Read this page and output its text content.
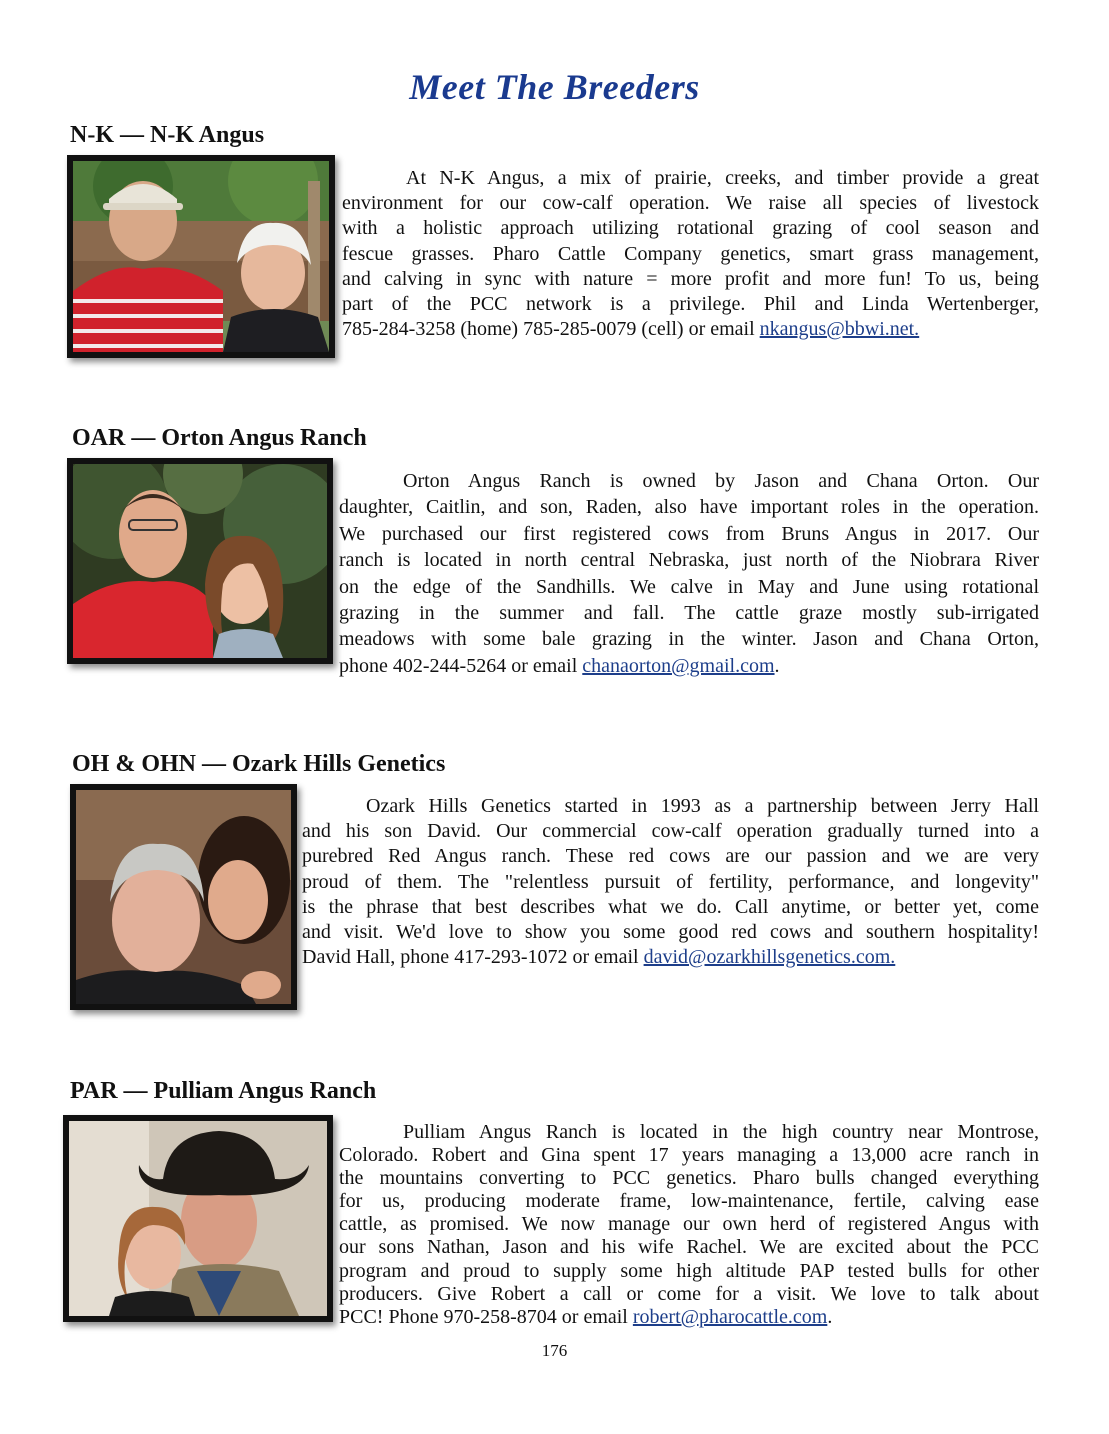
Meet The Breeders
N-K — N-K Angus
At N-K Angus, a mix of prairie, creeks, and timber provide a great
environment for our cow-calf operation. We raise all species of livestock
with a holistic approach utilizing rotational grazing of cool season and
fescue grasses. Pharo Cattle Company genetics, smart grass management,
and calving in sync with nature = more profit and more fun! To us, being
part of the PCC network is a privilege. Phil and Linda Wertenberger,
785-284-3258 (home) 785-285-0079 (cell) or email nkangus@bbwi.net.
OAR — Orton Angus Ranch
Orton Angus Ranch is owned by Jason and Chana Orton. Our
daughter, Caitlin, and son, Raden, also have important roles in the operation.
We purchased our first registered cows from Bruns Angus in 2017. Our
ranch is located in north central Nebraska, just north of the Niobrara River
on the edge of the Sandhills. We calve in May and June using rotational
grazing in the summer and fall. The cattle graze mostly sub-irrigated
meadows with some bale grazing in the winter. Jason and Chana Orton,
phone 402-244-5264 or email chanaorton@gmail.com.
OH & OHN — Ozark Hills Genetics
Ozark Hills Genetics started in 1993 as a partnership between Jerry Hall
and his son David. Our commercial cow-calf operation gradually turned into a
purebred Red Angus ranch. These red cows are our passion and we are very
proud of them. The "relentless pursuit of fertility, performance, and longevity"
is the phrase that best describes what we do. Call anytime, or better yet, come
and visit. We'd love to show you some good red cows and southern hospitality!
David Hall, phone 417-293-1072 or email david@ozarkhillsgenetics.com.
PAR — Pulliam Angus Ranch
Pulliam Angus Ranch is located in the high country near Montrose,
Colorado. Robert and Gina spent 17 years managing a 13,000 acre ranch in
the mountains converting to PCC genetics. Pharo bulls changed everything
for us, producing moderate frame, low-maintenance, fertile, calving ease
cattle, as promised. We now manage our own herd of registered Angus with
our sons Nathan, Jason and his wife Rachel. We are excited about the PCC
program and proud to supply some high altitude PAP tested bulls for other
producers. Give Robert a call or come for a visit. We love to talk about
PCC! Phone 970-258-8704 or email robert@pharocattle.com.
176
